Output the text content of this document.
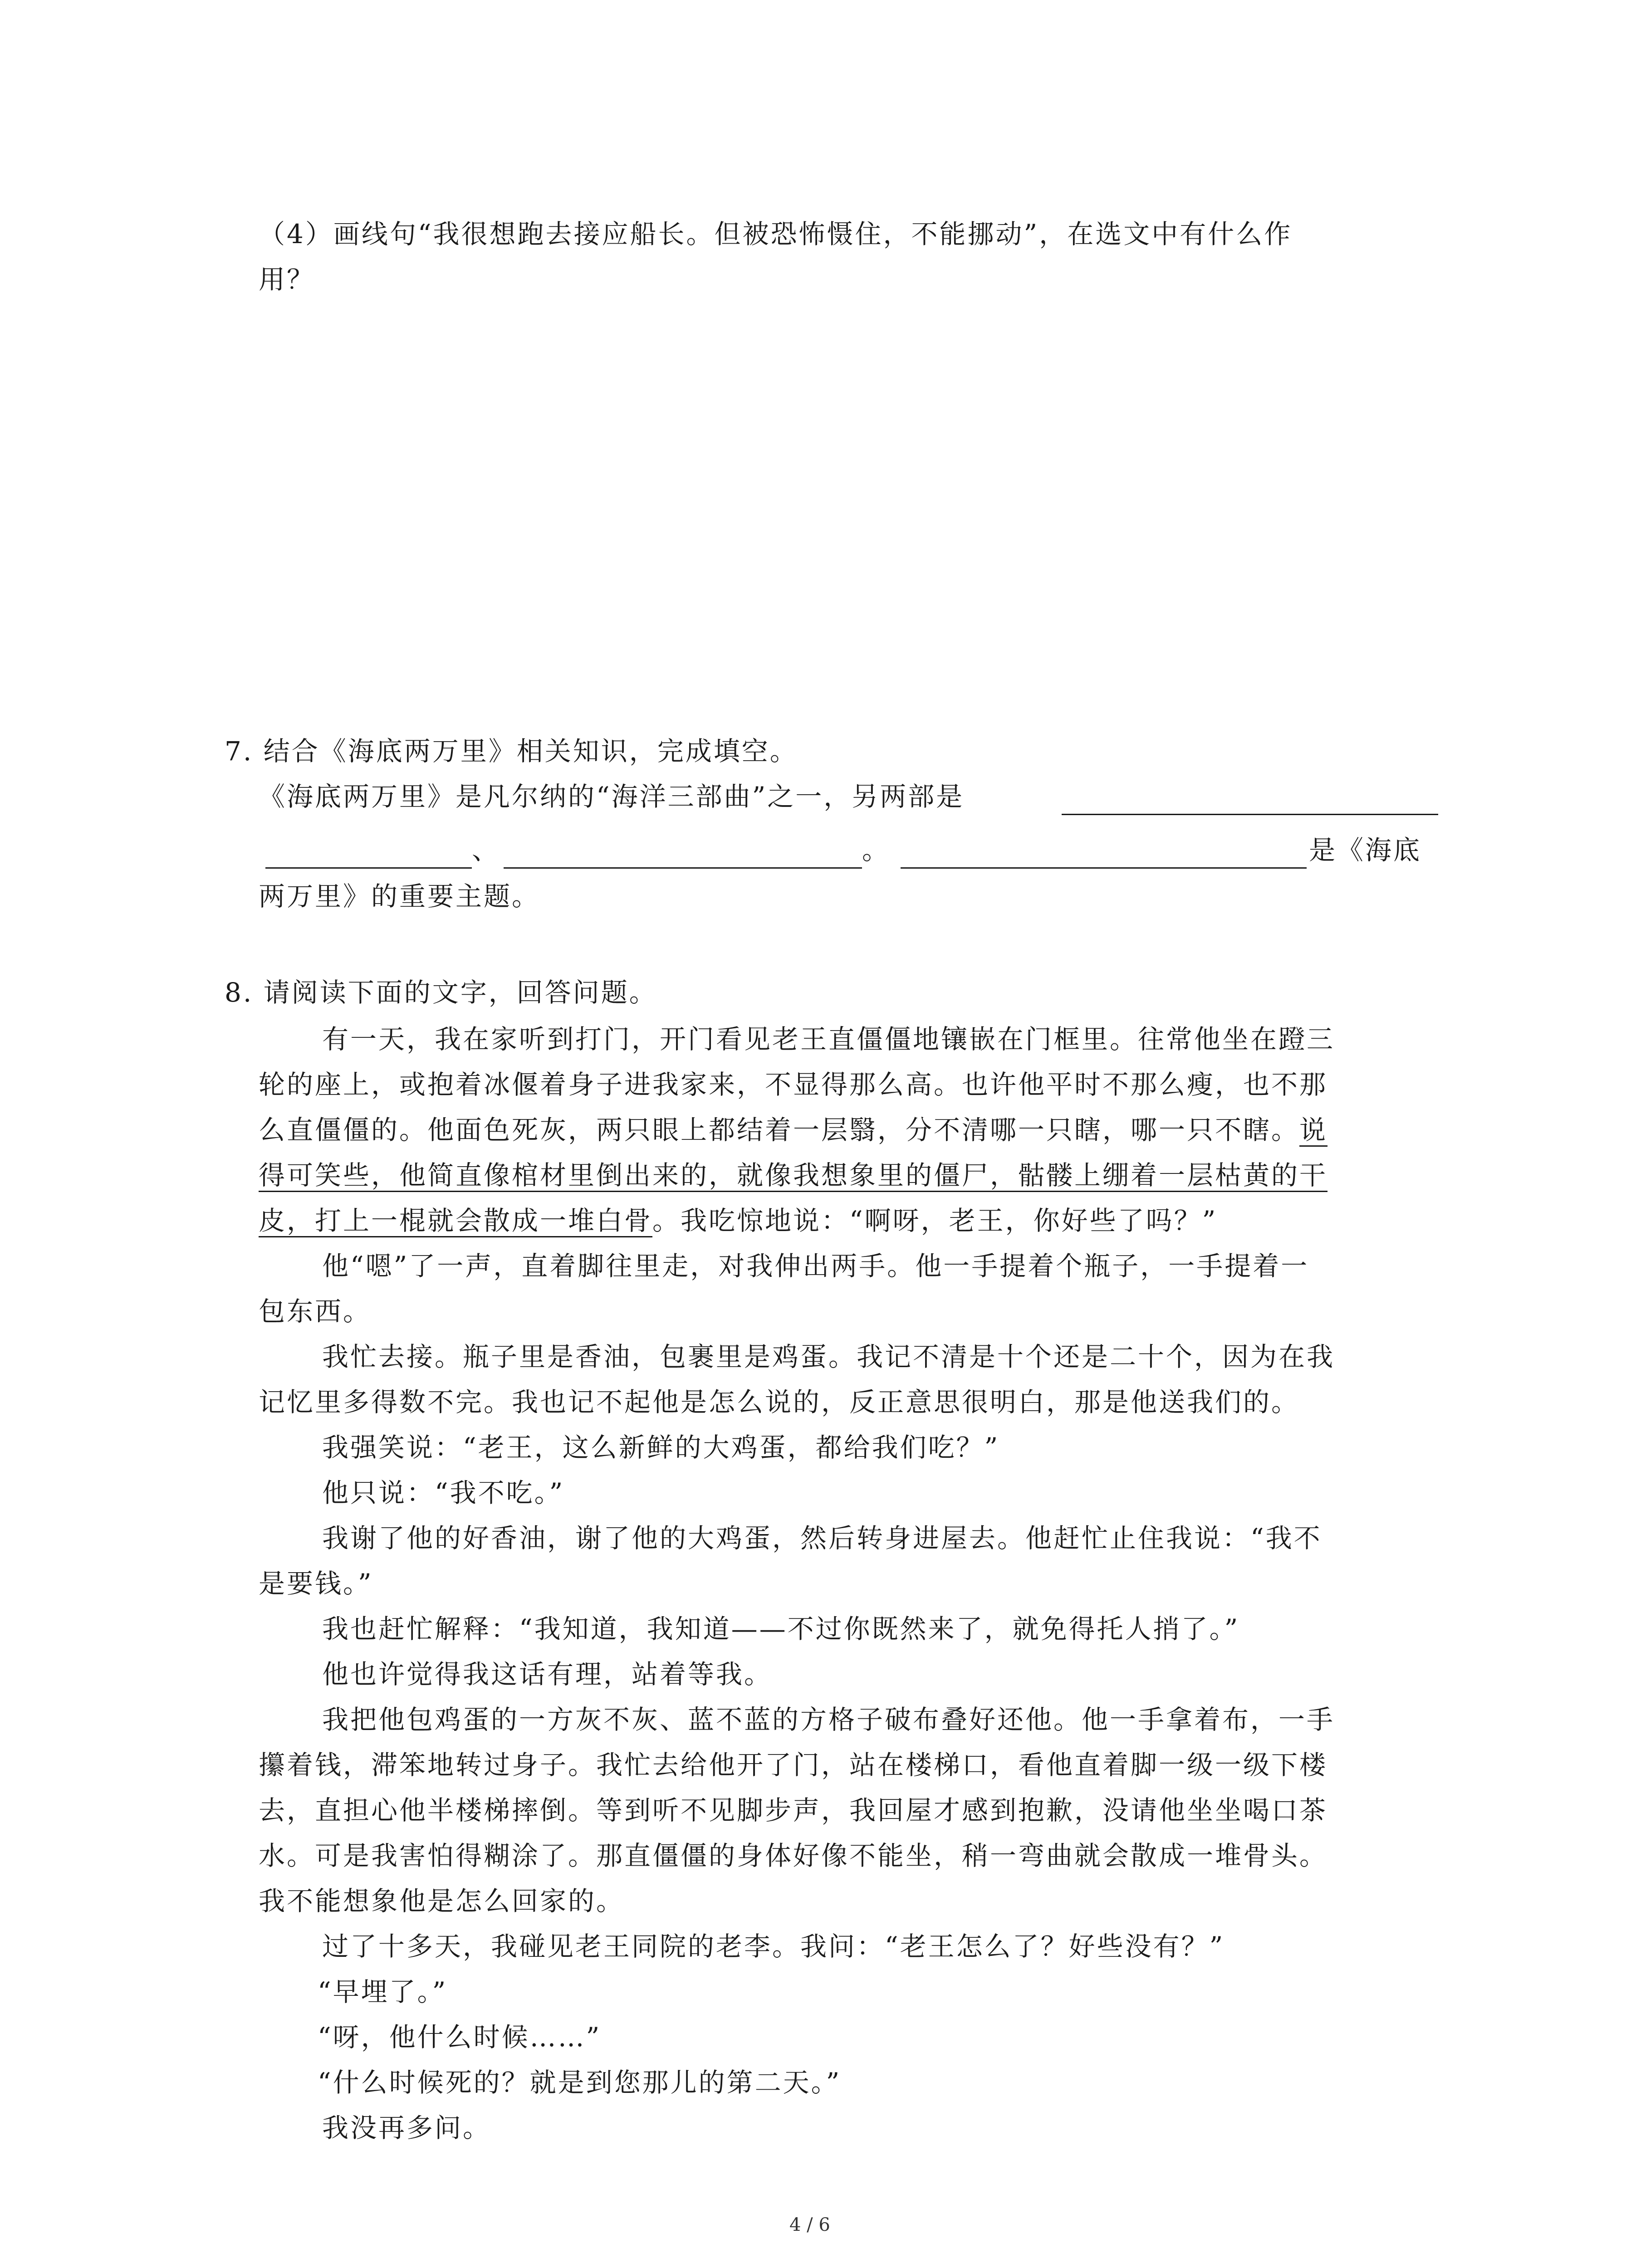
（4）画线句“我很想跑去接应船长。但被恐怖慑住，不能挪动”，在选文中有什么作
用？
7. 结合《海底两万里》相关知识，完成填空。
《海底两万里》是凡尔纳的“海洋三部曲”之一，另两部是
、	。	是《海底
两万里》的重要主题。
8. 请阅读下面的文字，回答问题。
有一天，我在家听到打门，开门看见老王直僵僵地镶嵌在门框里。往常他坐在蹬三
轮的座上，或抱着冰偃着身子进我家来，不显得那么高。也许他平时不那么瘦，也不那
么直僵僵的。他面色死灰，两只眼上都结着一层翳，分不清哪一只瞎，哪一只不瞎。说
得可笑些，他简直像棺材里倒出来的，就像我想象里的僵尸，骷髅上绷着一层枯黄的干
皮，打上一棍就会散成一堆白骨。我吃惊地说：“啊呀，老王，你好些了吗？”
他“嗯”了一声，直着脚往里走，对我伸出两手。他一手提着个瓶子，一手提着一
包东西。
我忙去接。瓶子里是香油，包裹里是鸡蛋。我记不清是十个还是二十个，因为在我
记忆里多得数不完。我也记不起他是怎么说的，反正意思很明白，那是他送我们的。
我强笑说：“老王，这么新鲜的大鸡蛋，都给我们吃？”
他只说：“我不吃。”
我谢了他的好香油，谢了他的大鸡蛋，然后转身进屋去。他赶忙止住我说：“我不
是要钱。”
我也赶忙解释：“我知道，我知道——不过你既然来了，就免得托人捎了。”
他也许觉得我这话有理，站着等我。
我把他包鸡蛋的一方灰不灰、蓝不蓝的方格子破布叠好还他。他一手拿着布，一手
攥着钱，滞笨地转过身子。我忙去给他开了门，站在楼梯口，看他直着脚一级一级下楼
去，直担心他半楼梯摔倒。等到听不见脚步声，我回屋才感到抱歉，没请他坐坐喝口茶
水。可是我害怕得糊涂了。那直僵僵的身体好像不能坐，稍一弯曲就会散成一堆骨头。
我不能想象他是怎么回家的。
过了十多天，我碰见老王同院的老李。我问：“老王怎么了？好些没有？”
“早埋了。”
“呀，他什么时候……”
“什么时候死的？就是到您那儿的第二天。”
我没再多问。
4 / 6
